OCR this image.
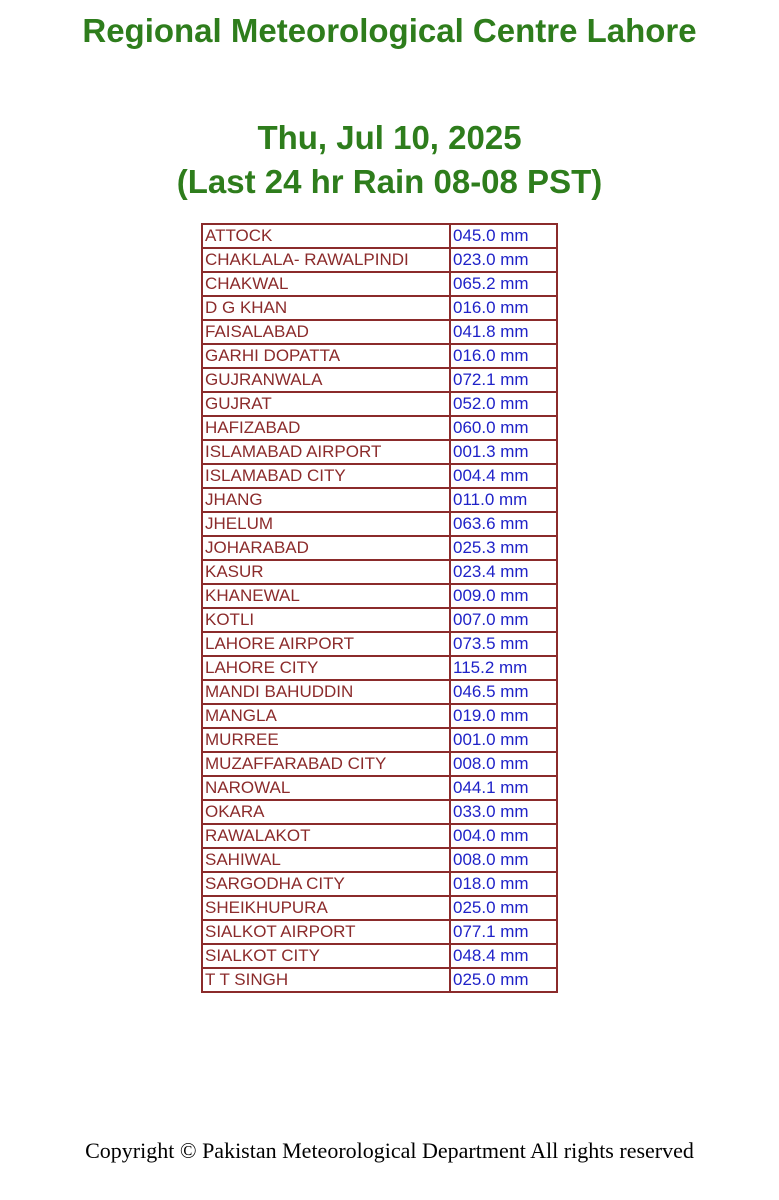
Regional Meteorological Centre Lahore
Thu, Jul 10, 2025
(Last 24 hr Rain 08-08 PST)
ATTOCK	045.0 mm
CHAKLALA- RAWALPINDI	023.0 mm
CHAKWAL	065.2 mm
D G KHAN	016.0 mm
FAISALABAD	041.8 mm
GARHI DOPATTA	016.0 mm
GUJRANWALA	072.1 mm
GUJRAT	052.0 mm
HAFIZABAD	060.0 mm
ISLAMABAD AIRPORT	001.3 mm
ISLAMABAD CITY	004.4 mm
JHANG	011.0 mm
JHELUM	063.6 mm
JOHARABAD	025.3 mm
KASUR	023.4 mm
KHANEWAL	009.0 mm
KOTLI	007.0 mm
LAHORE AIRPORT	073.5 mm
LAHORE CITY	115.2 mm
MANDI BAHUDDIN	046.5 mm
MANGLA	019.0 mm
MURREE	001.0 mm
MUZAFFARABAD CITY	008.0 mm
NAROWAL	044.1 mm
OKARA	033.0 mm
RAWALAKOT	004.0 mm
SAHIWAL	008.0 mm
SARGODHA CITY	018.0 mm
SHEIKHUPURA	025.0 mm
SIALKOT AIRPORT	077.1 mm
SIALKOT CITY	048.4 mm
T T SINGH	025.0 mm
Copyright © Pakistan Meteorological Department All rights reserved
